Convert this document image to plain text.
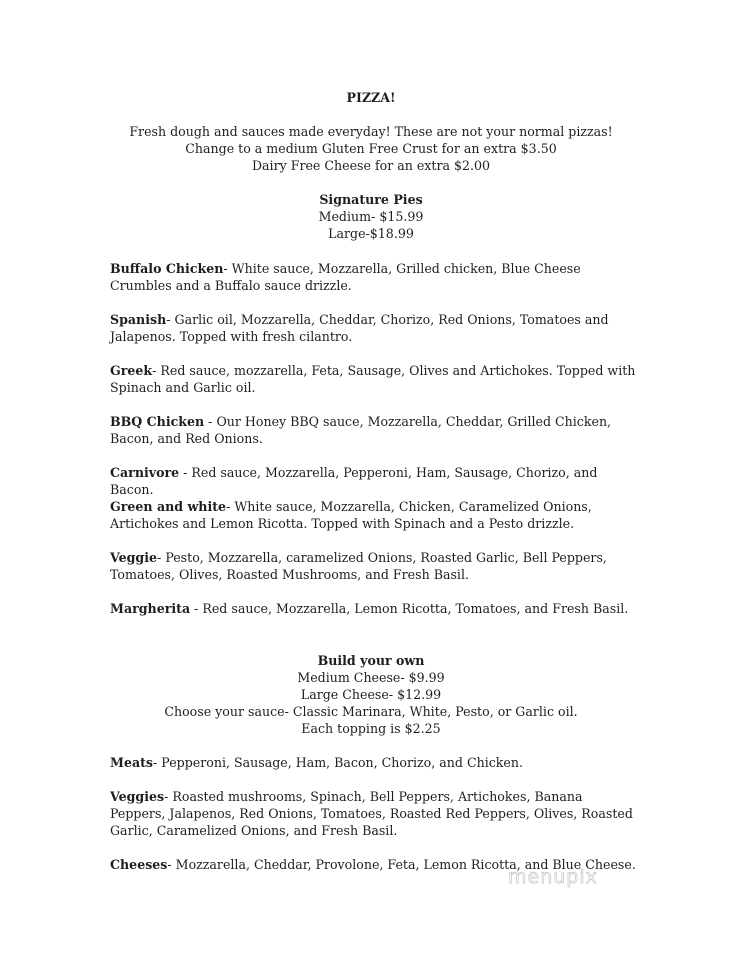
PIZZA!
Fresh dough and sauces made everyday! These are not your normal pizzas!
Change to a medium Gluten Free Crust for an extra $3.50
Dairy Free Cheese for an extra $2.00
Signature Pies
Medium- $15.99
Large-$18.99
Buffalo Chicken- White sauce, Mozzarella, Grilled chicken, Blue Cheese Crumbles and a Buffalo sauce drizzle.
Spanish- Garlic oil, Mozzarella, Cheddar, Chorizo, Red Onions, Tomatoes and Jalapenos. Topped with fresh cilantro.
Greek- Red sauce, mozzarella, Feta, Sausage, Olives and Artichokes. Topped with Spinach and Garlic oil.
BBQ Chicken - Our Honey BBQ sauce, Mozzarella, Cheddar, Grilled Chicken, Bacon, and Red Onions.
Carnivore - Red sauce, Mozzarella, Pepperoni, Ham, Sausage, Chorizo, and Bacon.
Green and white- White sauce, Mozzarella, Chicken, Caramelized Onions, Artichokes and Lemon Ricotta. Topped with Spinach and a Pesto drizzle.
Veggie- Pesto, Mozzarella, caramelized Onions, Roasted Garlic, Bell Peppers, Tomatoes, Olives, Roasted Mushrooms, and Fresh Basil.
Margherita - Red sauce, Mozzarella, Lemon Ricotta, Tomatoes, and Fresh Basil.
Build your own
Medium Cheese- $9.99
Large Cheese- $12.99
Choose your sauce- Classic Marinara, White, Pesto, or Garlic oil.
Each topping is $2.25
Meats- Pepperoni, Sausage, Ham, Bacon, Chorizo, and Chicken.
Veggies- Roasted mushrooms, Spinach, Bell Peppers, Artichokes, Banana Peppers, Jalapenos, Red Onions, Tomatoes, Roasted Red Peppers, Olives, Roasted Garlic, Caramelized Onions, and Fresh Basil.
Cheeses- Mozzarella, Cheddar, Provolone, Feta, Lemon Ricotta, and Blue Cheese.
menupix
